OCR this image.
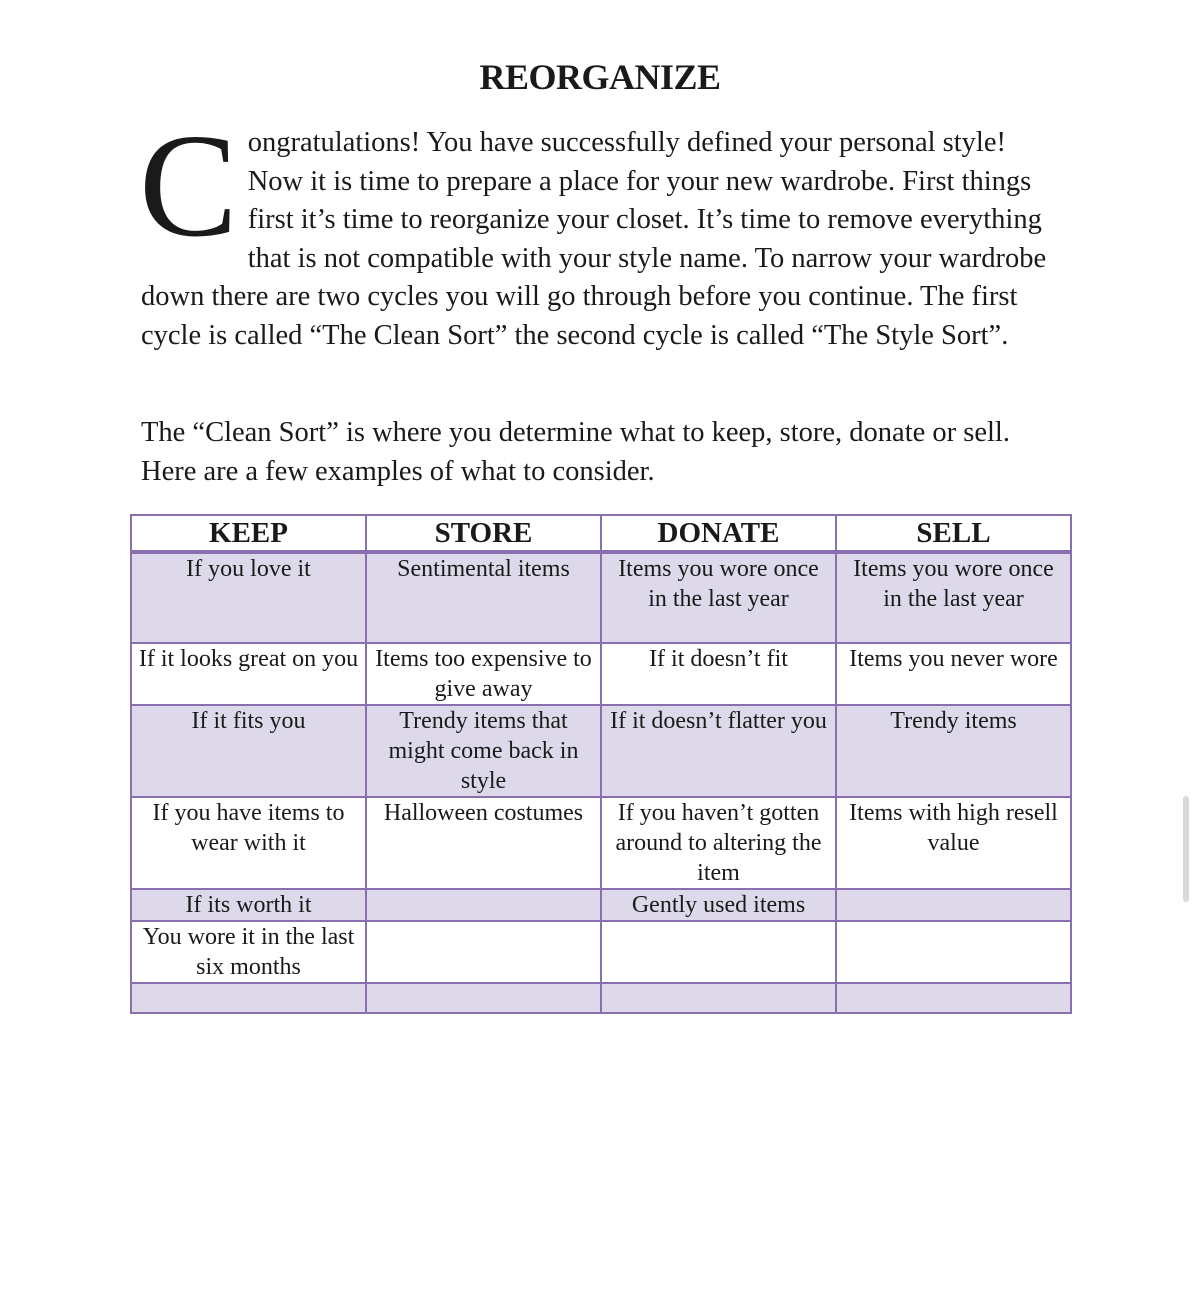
REORGANIZE

Congratulations! You have successfully defined your personal style! Now it is time to prepare a place for your new wardrobe. First things first it’s time to reorganize your closet. It’s time to remove everything that is not compatible with your style name. To narrow your wardrobe down there are two cycles you will go through before you continue. The first cycle is called “The Clean Sort” the second cycle is called “The Style Sort”.

The “Clean Sort” is where you determine what to keep, store, donate or sell. Here are a few examples of what to consider.

KEEP	STORE	DONATE	SELL
If you love it	Sentimental items	Items you wore once in the last year	Items you wore once in the last year
If it looks great on you	Items too expensive to give away	If it doesn’t fit	Items you never wore
If it fits you	Trendy items that might come back in style	If it doesn’t flatter you	Trendy items
If you have items to wear with it	Halloween costumes	If you haven’t gotten around to altering the item	Items with high resell value
If its worth it		Gently used items	
You wore it in the last six months			
